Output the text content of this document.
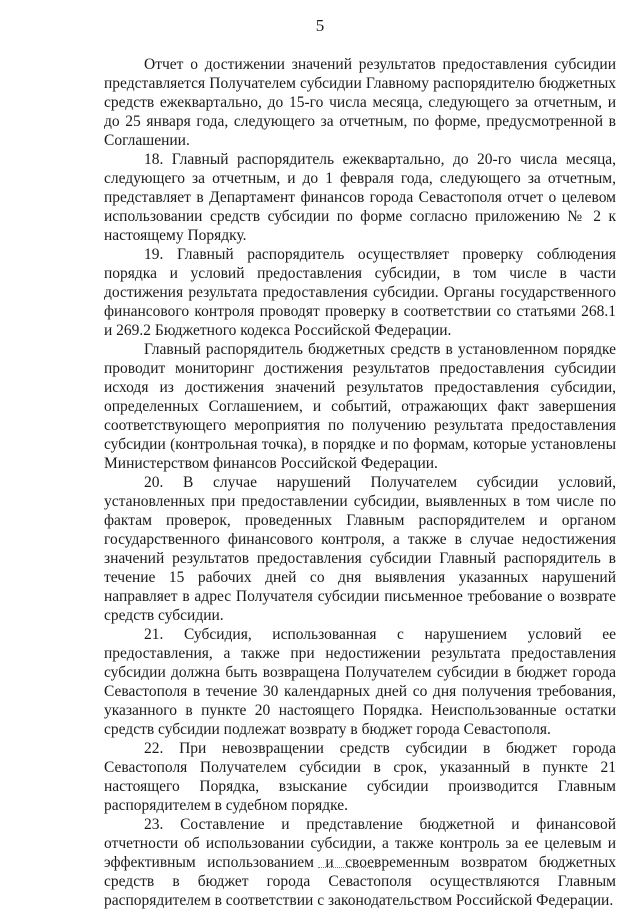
5

Отчет о достижении значений результатов предоставления субсидии представляется Получателем субсидии Главному распорядителю бюджетных средств ежеквартально, до 15-го числа месяца, следующего за отчетным, и до 25 января года, следующего за отчетным, по форме, предусмотренной в Соглашении.

18. Главный распорядитель ежеквартально, до 20-го числа месяца, следующего за отчетным, и до 1 февраля года, следующего за отчетным, представляет в Департамент финансов города Севастополя отчет о целевом использовании средств субсидии по форме согласно приложению № 2 к настоящему Порядку.

19. Главный распорядитель осуществляет проверку соблюдения порядка и условий предоставления субсидии, в том числе в части достижения результата предоставления субсидии. Органы государственного финансового контроля проводят проверку в соответствии со статьями 268.1 и 269.2 Бюджетного кодекса Российской Федерации.

Главный распорядитель бюджетных средств в установленном порядке проводит мониторинг достижения результатов предоставления субсидии исходя из достижения значений результатов предоставления субсидии, определенных Соглашением, и событий, отражающих факт завершения соответствующего мероприятия по получению результата предоставления субсидии (контрольная точка), в порядке и по формам, которые установлены Министерством финансов Российской Федерации.

20. В случае нарушений Получателем субсидии условий, установленных при предоставлении субсидии, выявленных в том числе по фактам проверок, проведенных Главным распорядителем и органом государственного финансового контроля, а также в случае недостижения значений результатов предоставления субсидии Главный распорядитель в течение 15 рабочих дней со дня выявления указанных нарушений направляет в адрес Получателя субсидии письменное требование о возврате средств субсидии.

21. Субсидия, использованная с нарушением условий ее предоставления, а также при недостижении результата предоставления субсидии должна быть возвращена Получателем субсидии в бюджет города Севастополя в течение 30 календарных дней со дня получения требования, указанного в пункте 20 настоящего Порядка. Неиспользованные остатки средств субсидии подлежат возврату в бюджет города Севастополя.

22. При невозвращении средств субсидии в бюджет города Севастополя Получателем субсидии в срок, указанный в пункте 21 настоящего Порядка, взыскание субсидии производится Главным распорядителем в судебном порядке.

23. Составление и представление бюджетной и финансовой отчетности об использовании субсидии, а также контроль за ее целевым и эффективным использованием и своевременным возвратом бюджетных средств в бюджет города Севастополя осуществляются Главным распорядителем в соответствии с законодательством Российской Федерации.
